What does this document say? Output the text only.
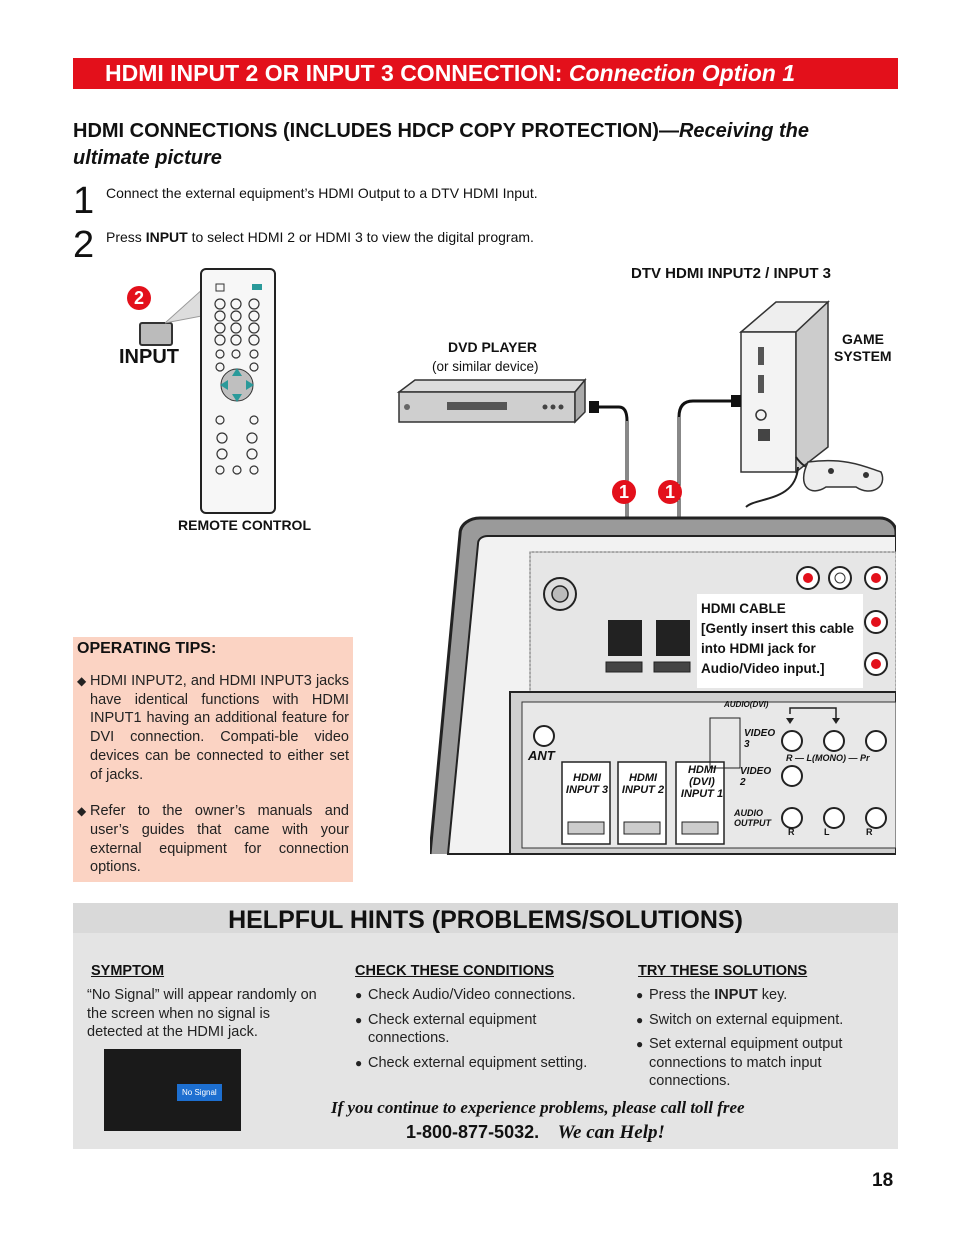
HDMI INPUT 2 OR INPUT 3 CONNECTION: Connection Option 1
HDMI CONNECTIONS (INCLUDES HDCP COPY PROTECTION)—Receiving the ultimate picture
1 Connect the external equipment’s HDMI Output to a DTV HDMI Input.
2 Press INPUT to select HDMI 2 or HDMI 3 to view the digital program.
2
INPUT
REMOTE CONTROL
DTV HDMI INPUT2 / INPUT 3
DVD PLAYER
(or similar device)
GAME
SYSTEM
1	1
ANT
HDMI INPUT 3
HDMI INPUT 2
HDMI (DVI) INPUT 1
AUDIO(DVI)
VIDEO 3
VIDEO 2
AUDIO OUTPUT
R — L(MONO) — Pr
R	L	R
HDMI CABLE
[Gently insert this cable into HDMI jack for Audio/Video input.]
OPERATING TIPS:
◆ HDMI INPUT2, and HDMI INPUT3 jacks have identical functions with HDMI INPUT1 having an additional feature for DVI connection. Compati-ble video devices can be connected to either set of jacks.
◆ Refer to the owner’s manuals and user’s guides that came with your external equipment for connection options.
HELPFUL HINTS (PROBLEMS/SOLUTIONS)
SYMPTOM
“No Signal” will appear randomly on the screen when no signal is detected at the HDMI jack.
No Signal
CHECK THESE CONDITIONS
● Check Audio/Video connections.
● Check external equipment connections.
● Check external equipment setting.
TRY THESE SOLUTIONS
● Press the INPUT key.
● Switch on external equipment.
● Set external equipment output connections to match input connections.
If you continue to experience problems, please call toll free
1-800-877-5032. We can Help!
18
